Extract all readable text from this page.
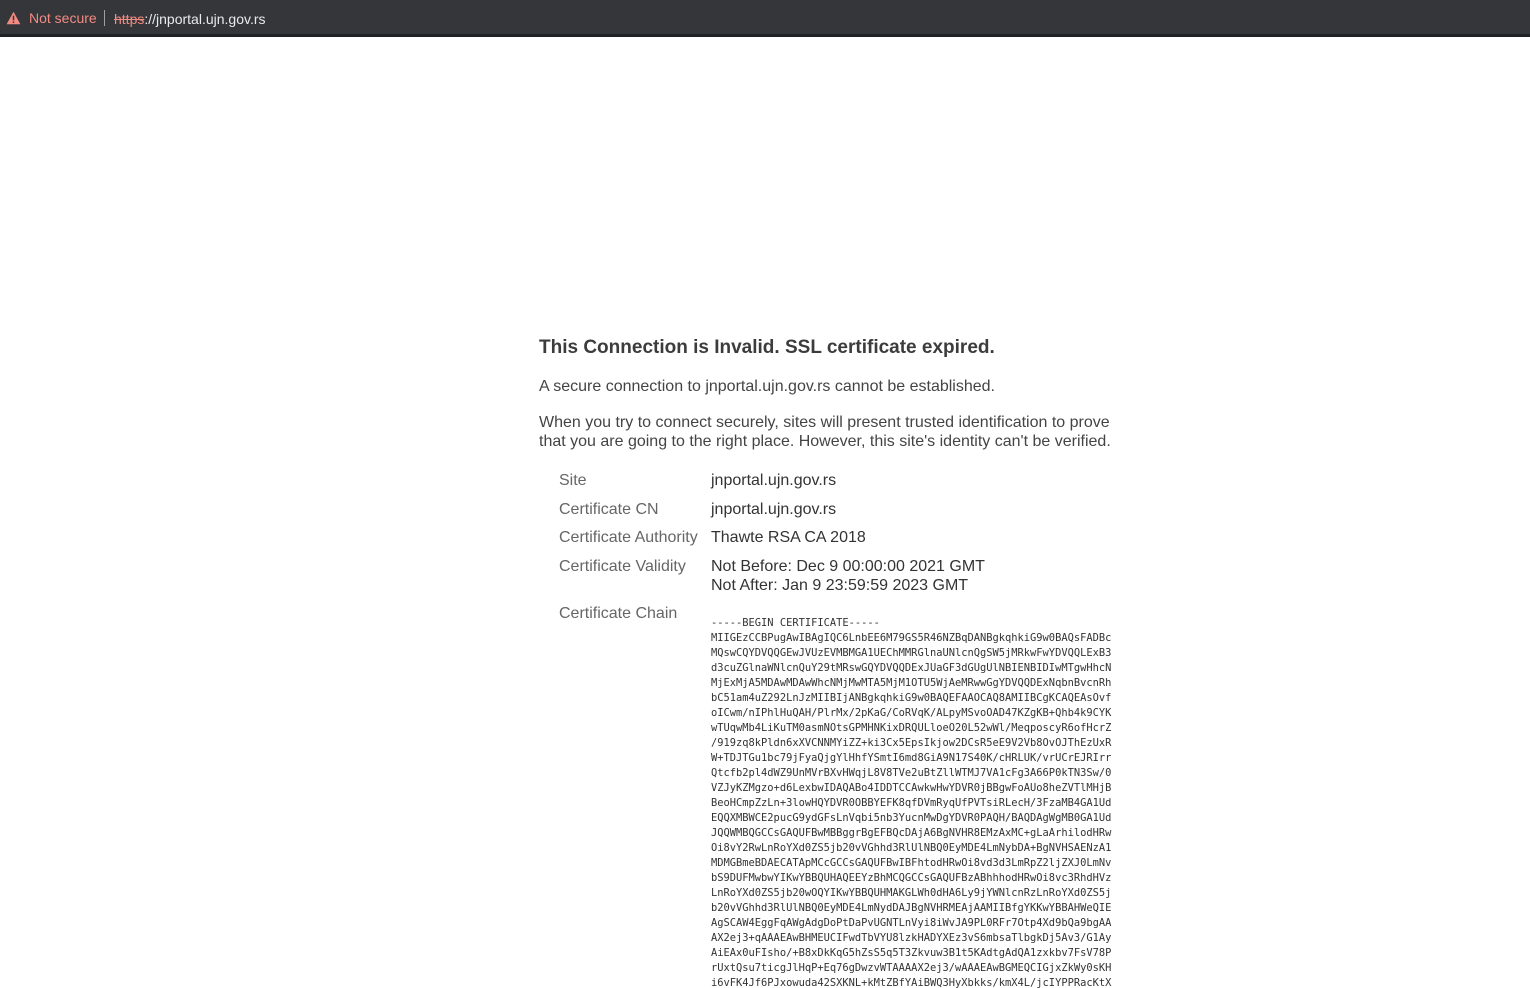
Not secure https://jnportal.ujn.gov.rs
This Connection is Invalid. SSL certificate expired.

A secure connection to jnportal.ujn.gov.rs cannot be established.

When you try to connect securely, sites will present trusted identification to prove that you are going to the right place. However, this site's identity can't be verified.

Site	jnportal.ujn.gov.rs
Certificate CN	jnportal.ujn.gov.rs
Certificate Authority Thawte RSA CA 2018
Certificate Validity Not Before: Dec 9 00:00:00 2021 GMT
Not After: Jan 9 23:59:59 2023 GMT
Certificate Chain
-----BEGIN CERTIFICATE-----
MIIGEzCCBPugAwIBAgIQC6LnbEE6M79GS5R46NZBqDANBgkqhkiG9w0BAQsFADBc
MQswCQYDVQQGEwJVUzEVMBMGA1UEChMMRGlnaUNlcnQgSW5jMRkwFwYDVQQLExB3
d3cuZGlnaWNlcnQuY29tMRswGQYDVQQDExJUaGF3dGUgUlNBIENBIDIwMTgwHhcN
MjExMjA5MDAwMDAwWhcNMjMwMTA5MjM1OTU5WjAeMRwwGgYDVQQDExNqbnBvcnRh
bC51am4uZ292LnJzMIIBIjANBgkqhkiG9w0BAQEFAAOCAQ8AMIIBCgKCAQEAsOvf
oICwm/nIPhlHuQAH/PlrMx/2pKaG/CoRVqK/ALpyMSvoOAD47KZgKB+Qhb4k9CYK
wTUqwMb4LiKuTM0asmNOtsGPMHNKixDRQULloeO20L52wWl/MeqposcyR6ofHcrZ
/919zq8kPldn6xXVCNNMYiZZ+ki3Cx5EpsIkjow2DCsR5eE9V2Vb8OvOJThEzUxR
W+TDJTGu1bc79jFyaQjgYlHhfYSmtI6md8GiA9N17S40K/cHRLUK/vrUCrEJRIrr
Qtcfb2pl4dWZ9UnMVrBXvHWqjL8V8TVe2uBtZllWTMJ7VA1cFg3A66P0kTN3Sw/0
VZJyKZMgzo+d6LexbwIDAQABo4IDDTCCAwkwHwYDVR0jBBgwFoAUo8heZVTlMHjB
BeoHCmpZzLn+3lowHQYDVR0OBBYEFK8qfDVmRyqUfPVTsiRLecH/3FzaMB4GA1Ud
EQQXMBWCE2pucG9ydGFsLnVqbi5nb3YucnMwDgYDVR0PAQH/BAQDAgWgMB0GA1Ud
JQQWMBQGCCsGAQUFBwMBBggrBgEFBQcDAjA6BgNVHR8EMzAxMC+gLaArhilodHRw
Oi8vY2RwLnRoYXd0ZS5jb20vVGhhd3RlUlNBQ0EyMDE4LmNybDA+BgNVHSAENzA1
MDMGBmeBDAECATApMCcGCCsGAQUFBwIBFhtodHRwOi8vd3d3LmRpZ2ljZXJ0LmNv
bS9DUFMwbwYIKwYBBQUHAQEEYzBhMCQGCCsGAQUFBzABhhhodHRwOi8vc3RhdHVz
LnRoYXd0ZS5jb20wOQYIKwYBBQUHMAKGLWh0dHA6Ly9jYWNlcnRzLnRoYXd0ZS5j
b20vVGhhd3RlUlNBQ0EyMDE4LmNydDAJBgNVHRMEAjAAMIIBfgYKKwYBBAHWeQIE
AgSCAW4EggFqAWgAdgDoPtDaPvUGNTLnVyi8iWvJA9PL0RFr7Otp4Xd9bQa9bgAA
AX2ej3+qAAAEAwBHMEUCIFwdTbVYU8lzkHADYXEz3vS6mbsaTlbgkDj5Av3/G1Ay
AiEAx0uFIsho/+B8xDkKqG5hZsS5q5T3Zkvuw3B1t5KAdtgAdQA1zxkbv7FsV78P
rUxtQsu7ticgJlHqP+Eq76gDwzvWTAAAAX2ej3/wAAAEAwBGMEQCIGjxZkWy0sKH
i6vFK4Jf6PJxowuda42SXKNL+kMtZBfYAiBWQ3HyXbkks/kmX4L/jcIYPPRacKtX
